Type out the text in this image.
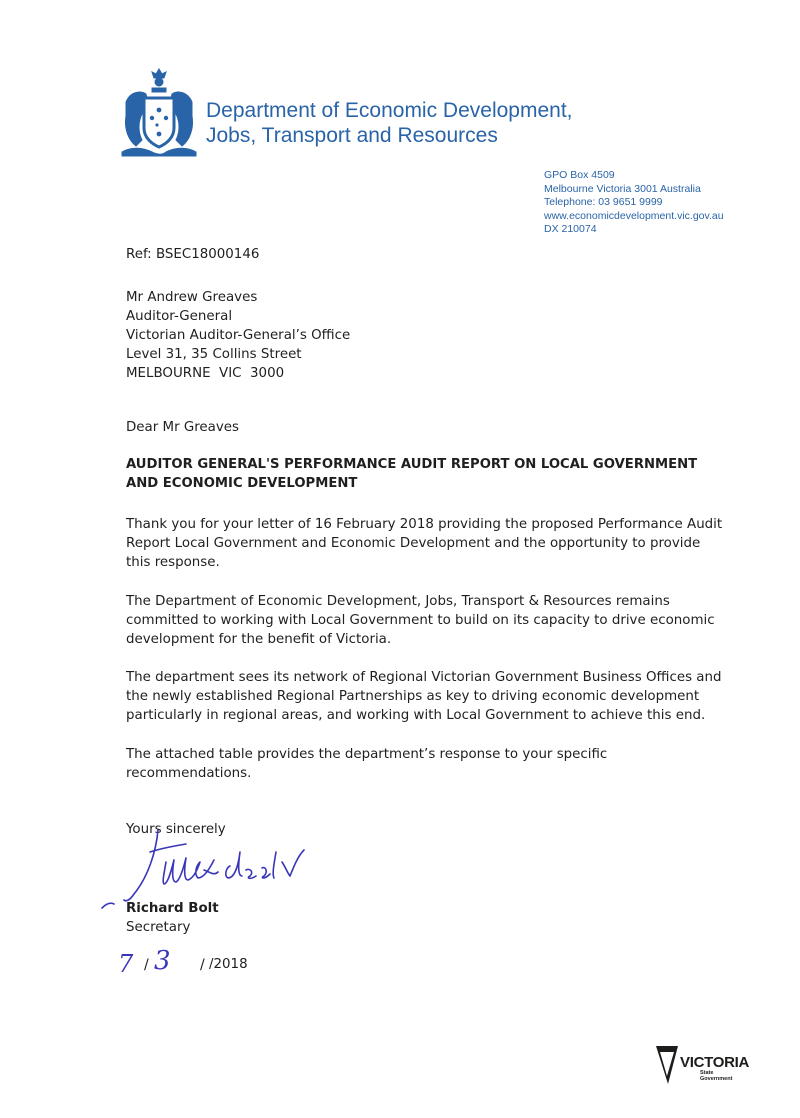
Department of Economic Development,
Jobs, Transport and Resources
GPO Box 4509
Melbourne Victoria 3001 Australia
Telephone: 03 9651 9999
www.economicdevelopment.vic.gov.au
DX 210074
Ref: BSEC18000146
Mr Andrew Greaves
Auditor-General
Victorian Auditor-General’s Office
Level 31, 35 Collins Street
MELBOURNE  VIC  3000
Dear Mr Greaves
AUDITOR GENERAL'S PERFORMANCE AUDIT REPORT ON LOCAL GOVERNMENT AND ECONOMIC DEVELOPMENT
Thank you for your letter of 16 February 2018 providing the proposed Performance Audit Report Local Government and Economic Development and the opportunity to provide this response.
The Department of Economic Development, Jobs, Transport & Resources remains committed to working with Local Government to build on its capacity to drive economic development for the benefit of Victoria.
The department sees its network of Regional Victorian Government Business Offices and the newly established Regional Partnerships as key to driving economic development particularly in regional areas, and working with Local Government to achieve this end.
The attached table provides the department’s response to your specific recommendations.
Yours sincerely
Richard Bolt
Secretary
7 / 3 / /2018
VICTORIA
State
Government
